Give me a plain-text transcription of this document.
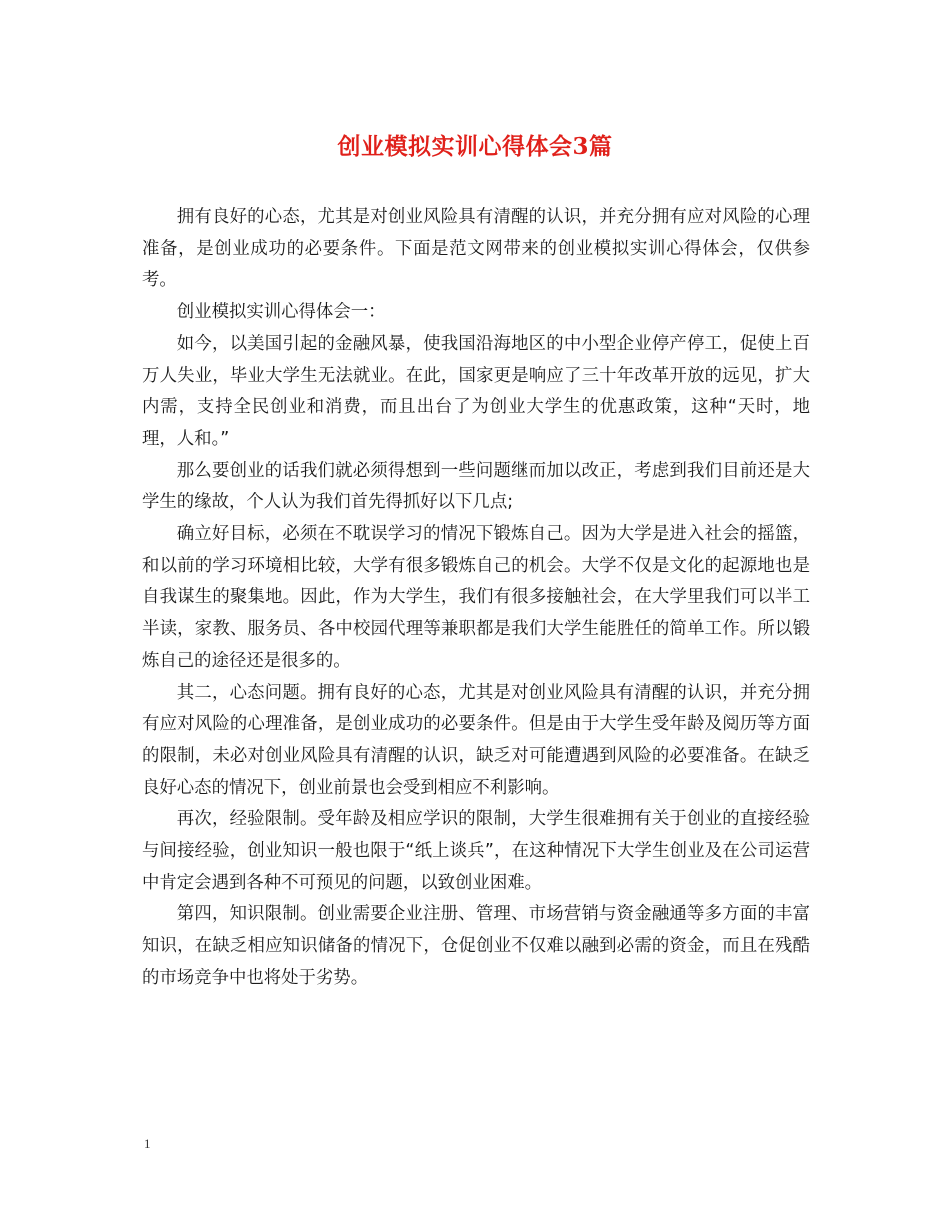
创业模拟实训心得体会3篇

拥有良好的心态，尤其是对创业风险具有清醒的认识，并充分拥有应对风险的心理准备，是创业成功的必要条件。下面是范文网带来的创业模拟实训心得体会，仅供参考。

创业模拟实训心得体会一：

如今，以美国引起的金融风暴，使我国沿海地区的中小型企业停产停工，促使上百万人失业，毕业大学生无法就业。在此，国家更是响应了三十年改革开放的远见，扩大内需，支持全民创业和消费，而且出台了为创业大学生的优惠政策，这种“天时，地理，人和。”

那么要创业的话我们就必须得想到一些问题继而加以改正，考虑到我们目前还是大学生的缘故，个人认为我们首先得抓好以下几点;

确立好目标，必须在不耽误学习的情况下锻炼自己。因为大学是进入社会的摇篮，和以前的学习环境相比较，大学有很多锻炼自己的机会。大学不仅是文化的起源地也是自我谋生的聚集地。因此，作为大学生，我们有很多接触社会，在大学里我们可以半工半读，家教、服务员、各中校园代理等兼职都是我们大学生能胜任的简单工作。所以锻炼自己的途径还是很多的。

其二，心态问题。拥有良好的心态，尤其是对创业风险具有清醒的认识，并充分拥有应对风险的心理准备，是创业成功的必要条件。但是由于大学生受年龄及阅历等方面的限制，未必对创业风险具有清醒的认识，缺乏对可能遭遇到风险的必要准备。在缺乏良好心态的情况下，创业前景也会受到相应不利影响。

再次，经验限制。受年龄及相应学识的限制，大学生很难拥有关于创业的直接经验与间接经验，创业知识一般也限于“纸上谈兵”，在这种情况下大学生创业及在公司运营中肯定会遇到各种不可预见的问题，以致创业困难。

第四，知识限制。创业需要企业注册、管理、市场营销与资金融通等多方面的丰富知识，在缺乏相应知识储备的情况下，仓促创业不仅难以融到必需的资金，而且在残酷的市场竞争中也将处于劣势。

1
